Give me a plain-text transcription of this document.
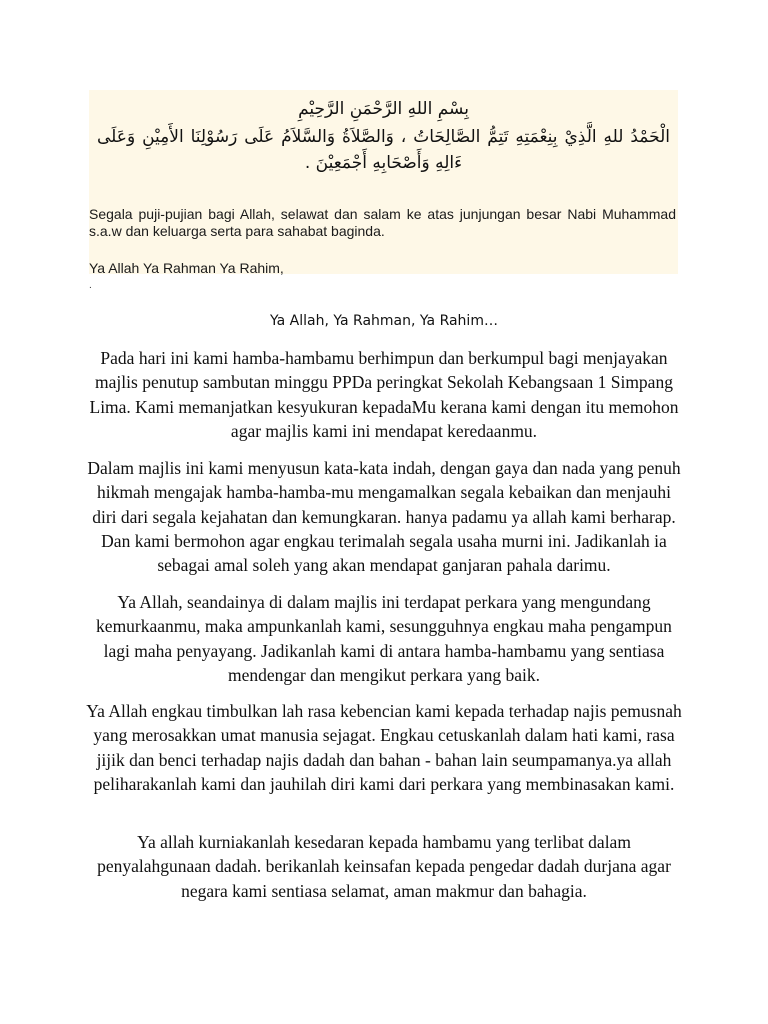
بِسْمِ اللهِ الرَّحْمَنِ الرَّحِيْمِ
الْحَمْدُ للهِ الَّذِيْ بِنِعْمَتِهِ تَتِمُّ الصَّالِحَاتُ ، وَالصَّلاَةُ وَالسَّلاَمُ عَلَى رَسُوْلِنَا الأَمِيْنِ وَعَلَى ءَالِهِ وَأَصْحَابِهِ أَجْمَعِيْنَ .
Segala puji-pujian bagi Allah, selawat dan salam ke atas junjungan besar Nabi Muhammad s.a.w dan keluarga serta para sahabat baginda.
Ya Allah Ya Rahman Ya Rahim,
.
Ya Allah, Ya Rahman, Ya Rahim…

Pada hari ini kami hamba-hambamu berhimpun dan berkumpul bagi menjayakan majlis penutup sambutan minggu PPDa peringkat Sekolah Kebangsaan 1 Simpang Lima. Kami memanjatkan kesyukuran kepadaMu kerana kami dengan itu memohon agar majlis kami ini mendapat keredaanmu.

Dalam majlis ini kami menyusun kata-kata indah, dengan gaya dan nada yang penuh hikmah mengajak hamba-hamba-mu mengamalkan segala kebaikan dan menjauhi diri dari segala kejahatan dan kemungkaran. hanya padamu ya allah kami berharap. Dan kami bermohon agar engkau terimalah segala usaha murni ini. Jadikanlah ia sebagai amal soleh yang akan mendapat ganjaran pahala darimu.

Ya Allah, seandainya di dalam majlis ini terdapat perkara yang mengundang kemurkaanmu, maka ampunkanlah kami, sesungguhnya engkau maha pengampun lagi maha penyayang. Jadikanlah kami di antara hamba-hambamu yang sentiasa mendengar dan mengikut perkara yang baik.

Ya Allah engkau timbulkan lah rasa kebencian kami kepada terhadap najis pemusnah yang merosakkan umat manusia sejagat. Engkau cetuskanlah dalam hati kami, rasa jijik dan benci terhadap najis dadah dan bahan - bahan lain seumpamanya.ya allah peliharakanlah kami dan jauhilah diri kami dari perkara yang membinasakan kami.

Ya allah kurniakanlah kesedaran kepada hambamu yang terlibat dalam penyalahgunaan dadah. berikanlah keinsafan kepada pengedar dadah durjana agar negara kami sentiasa selamat, aman makmur dan bahagia.
